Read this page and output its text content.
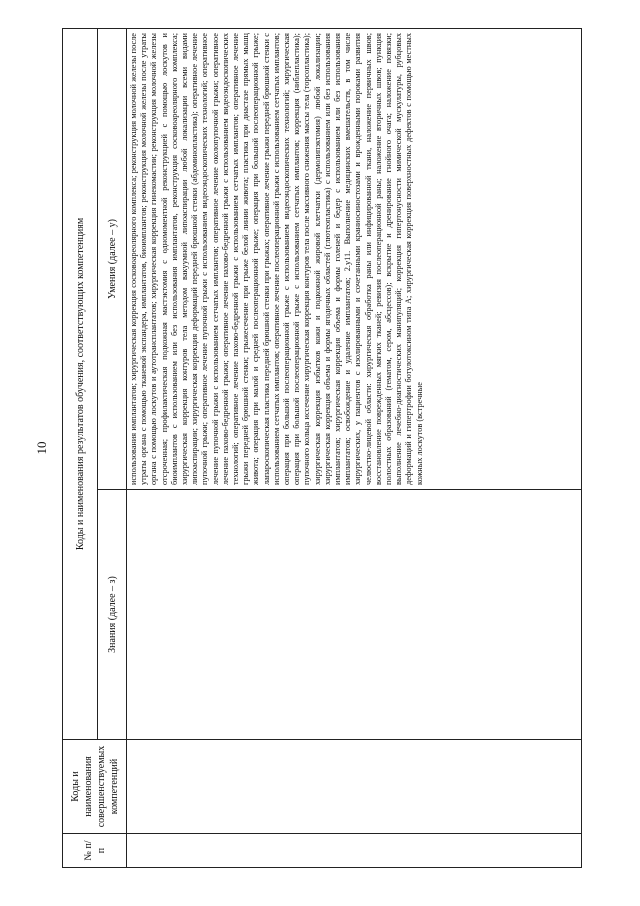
10
№ п/п	Коды и наименования совершенствуемых компетенций	Коды и наименования результатов обучения, соответствующих компетенциям	
		Знания (далее – з)	Умения (далее – у)
			использования имплантатов; хирургическая коррекция сосковоареолярного комплекса; реконструкция молочной железы после утраты органа с помощью тканевой экспандера, имплантатов, биоимплантов; реконструкция молочной железы после утраты органа с помощью лоскутов и аутотрансплантатов; хирургическая коррекция гинекомастии; реконструкция молочной железы отсроченная; профилактическая подкожная мастэктомия с одномоментной реконструкцией с помощью лоскутов и биоимплантов с использованием или без использования имплантатов, реконструкция сосковоареолярного комплекса; хирургическая коррекция контуров тела методом вакуумной липоаспирации любой локализации всеми видами липоаспирации; хирургическая коррекция деформаций передней брюшной стенки (абдоминопластика); оперативное лечение пупочной грыжи; оперативное лечение пупочной грыжи с использованием видеоэндоскопических технологий; оперативное лечение пупочной грыжи с использованием сетчатых имплантов; оперативное лечение околопупочной грыжи; оперативное лечение пахово-бедренной грыжи; оперативное лечение пахово-бедренной грыжи с использованием видеоэндоскопических технологий; оперативное лечение пахово-бедренной грыжи с использованием сетчатых имплантов; оперативное лечение грыжи передней брюшной стенки; грыжесечение при грыже белой линии живота; пластика при диастазе прямых мышц живота; операция при малой и средней послеоперационной грыже; операция при большой послеоперационной грыже; лапароскопическая пластика передней брюшной стенки при грыжах; оперативное лечение грыжи передней брюшной стенки с использованием сетчатых имплантов; оперативное лечение послеоперационной грыжи с использованием сетчатых имплантов; операция при большой послеоперационной грыже с использованием видеоэндоскопических технологий; хирургическая операция при большой послеоперационной грыже с использованием сетчатых имплантов; коррекция (ниблепластика); пупочного кольца иссечение хирургическая коррекция контуров тела после массивного снижения массы тела (торсопластика); хирургическая коррекция избытков кожи и подкожной жировой клетчатки (дермолипэктомия) любой локализации; хирургическая коррекция объема и формы ягодичных областей (глютеопластика) с использованием или без использования имплантатов; хирургическая коррекция объема и формы голеней и бедер с использованием или без использования имплантатов; освобождение и удаление имплантатов; 2.у11. Выполнение медицинских вмешательств, в том числе хирургических, у пациентов с изолированными и сочетанными краниосиностозами и врожденными пороками развития челюстно-лицевой области: хирургическая обработка раны или инфицированной ткани, наложение первичных швов; восстановление поврежденных мягких тканей; ревизия послеоперационной раны; наложение вторичных швов; пункция полостных образований (гематом, сером, абсцессов); вскрытие и дренирование гнойного очага; наложение повязки; выполнение лечебно-диагностических манипуляций; коррекция гипертонусности мимической мускулатуры, рубцовых деформаций и гипертрофии ботулотоксином типа А; хирургическая коррекция поверхностных дефектов с помощью местных кожных лоскутов (встречные
